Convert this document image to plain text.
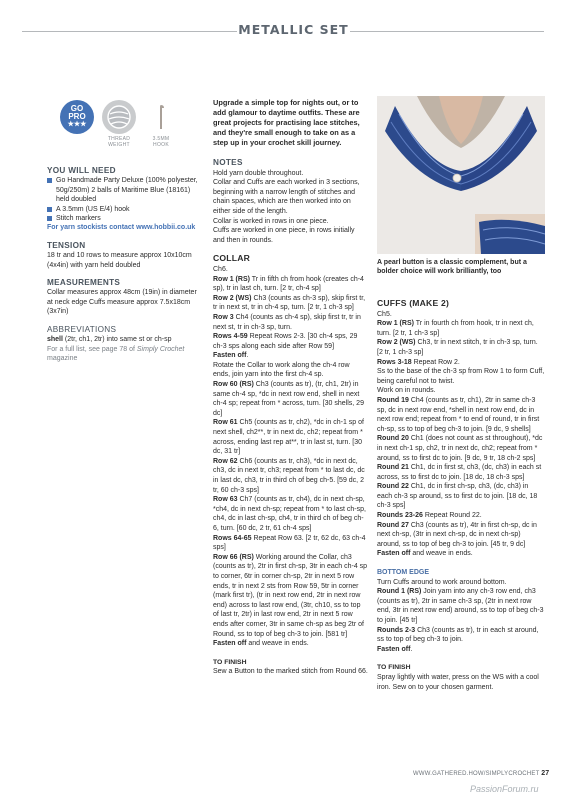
METALLIC SET
GO
PRO
★★★
THREAD
WEIGHT
3.5MM
HOOK
YOU WILL NEED
Go Handmade Party Deluxe (100% polyester, 50g/250m) 2 balls of Maritime Blue (18161) held doubled
A 3.5mm (US E/4) hook
Stitch markers
For yarn stockists contact www.hobbii.co.uk
TENSION

18 tr and 10 rows to measure approx 10x10cm (4x4in) with yarn held doubled

MEASUREMENTS

Collar measures approx 48cm (19in) in diameter at neck edge Cuffs measure approx 7.5x18cm (3x7in)

ABBREVIATIONS

shell (2tr, ch1, 2tr) into same st or ch-sp

For a full list, see page 78 of Simply Crochet magazine

Upgrade a simple top for nights out, or to add glamour to daytime outfits. These are great projects for practising lace stitches, and they're small enough to take on as a step up in your crochet skill journey.
NOTES

Hold yarn double throughout.

Collar and Cuffs are each worked in 3 sections, beginning with a narrow length of stitches and chain spaces, which are then worked into on either side of the length.

Collar is worked in rows in one piece.

Cuffs are worked in one piece, in rows initially and then in rounds.

COLLAR

Ch6.

Row 1 (RS) Tr in fifth ch from hook (creates ch-4 sp), tr in last ch, turn. [2 tr, ch-4 sp]

Row 2 (WS) Ch3 (counts as ch-3 sp), skip first tr, tr in next st, tr in ch-4 sp, turn. [2 tr, 1 ch-3 sp]

Row 3 Ch4 (counts as ch-4 sp), skip first tr, tr in next st, tr in ch-3 sp, turn.

Rows 4-59 Repeat Rows 2-3. [30 ch-4 sps, 29 ch-3 sps along each side after Row 59]

Fasten off.

Rotate the Collar to work along the ch-4 row ends, join yarn into the first ch-4 sp.

Row 60 (RS) Ch3 (counts as tr), (tr, ch1, 2tr) in same ch-4 sp, *dc in next row end, shell in next ch-4 sp; repeat from * across, turn. [30 shells, 29 dc]

Row 61 Ch5 (counts as tr, ch2), *dc in ch-1 sp of next shell, ch2**, tr in next dc, ch2; repeat from * across, ending last rep at**, tr in last st, turn. [30 dc, 31 tr]

Row 62 Ch6 (counts as tr, ch3), *dc in next dc, ch3, dc in next tr, ch3; repeat from * to last dc, dc in last dc, ch3, tr in third ch of beg ch-5. [59 dc, 2 tr, 60 ch-3 sps]

Row 63 Ch7 (counts as tr, ch4), dc in next ch-sp, *ch4, dc in next ch-sp; repeat from * to last ch-sp, ch4, dc in last ch-sp, ch4, tr in third ch of beg ch-6, turn. [60 dc, 2 tr, 61 ch-4 sps]

Rows 64-65 Repeat Row 63. [2 tr, 62 dc, 63 ch-4 sps]

Row 66 (RS) Working around the Collar, ch3 (counts as tr), 2tr in first ch-sp, 3tr in each ch-4 sp to corner, 6tr in corner ch-sp, 2tr in next 5 row ends, tr in next 2 sts from Row 59, 5tr in corner (mark first tr), (tr in next row end, 2tr in next row end) across to last row end, (3tr, ch10, ss to top of last tr, 2tr) in last row end, 2tr in next 5 row ends after corner, 3tr in same ch-sp as beg 2tr of Round, ss to top of beg ch-3 to join. [581 tr]

Fasten off and weave in ends.

TO FINISH

Sew a Button to the marked stitch from Round 66.

A pearl button is a classic complement, but a bolder choice will work brilliantly, too
CUFFS (MAKE 2)

Ch5.

Row 1 (RS) Tr in fourth ch from hook, tr in next ch, turn. [2 tr, 1 ch-3 sp]

Row 2 (WS) Ch3, tr in next stitch, tr in ch-3 sp, turn. [2 tr, 1 ch-3 sp]

Rows 3-18 Repeat Row 2.

Ss to the base of the ch-3 sp from Row 1 to form Cuff, being careful not to twist.

Work on in rounds.

Round 19 Ch4 (counts as tr, ch1), 2tr in same ch-3 sp, dc in next row end, *shell in next row end, dc in next row end; repeat from * to end of round, tr in first ch-sp, ss to top of beg ch-3 to join. [9 dc, 9 shells]

Round 20 Ch1 (does not count as st throughout), *dc in next ch-1 sp, ch2, tr in next dc, ch2; repeat from * around, ss to first dc to join. [9 dc, 9 tr, 18 ch-2 sps]

Round 21 Ch1, dc in first st, ch3, (dc, ch3) in each st across, ss to first dc to join. [18 dc, 18 ch-3 sps]

Round 22 Ch1, dc in first ch-sp, ch3, (dc, ch3) in each ch-3 sp around, ss to first dc to join. [18 dc, 18 ch-3 sps]

Rounds 23-26 Repeat Round 22.

Round 27 Ch3 (counts as tr), 4tr in first ch-sp, dc in next ch-sp, (3tr in next ch-sp, dc in next ch-sp) around, ss to top of beg ch-3 to join. [45 tr, 9 dc]

Fasten off and weave in ends.

BOTTOM EDGE

Turn Cuffs around to work around bottom.

Round 1 (RS) Join yarn into any ch-3 row end, ch3 (counts as tr), 2tr in same ch-3 sp, (2tr in next row end, 3tr in next row end) around, ss to top of beg ch-3 to join. [45 tr]

Rounds 2-3 Ch3 (counts as tr), tr in each st around, ss to top of beg ch-3 to join.

Fasten off.

TO FINISH

Spray lightly with water, press on the WS with a cool iron. Sew on to your chosen garment.

WWW.GATHERED.HOW/SIMPLYCROCHET 27
PassionForum.ru
